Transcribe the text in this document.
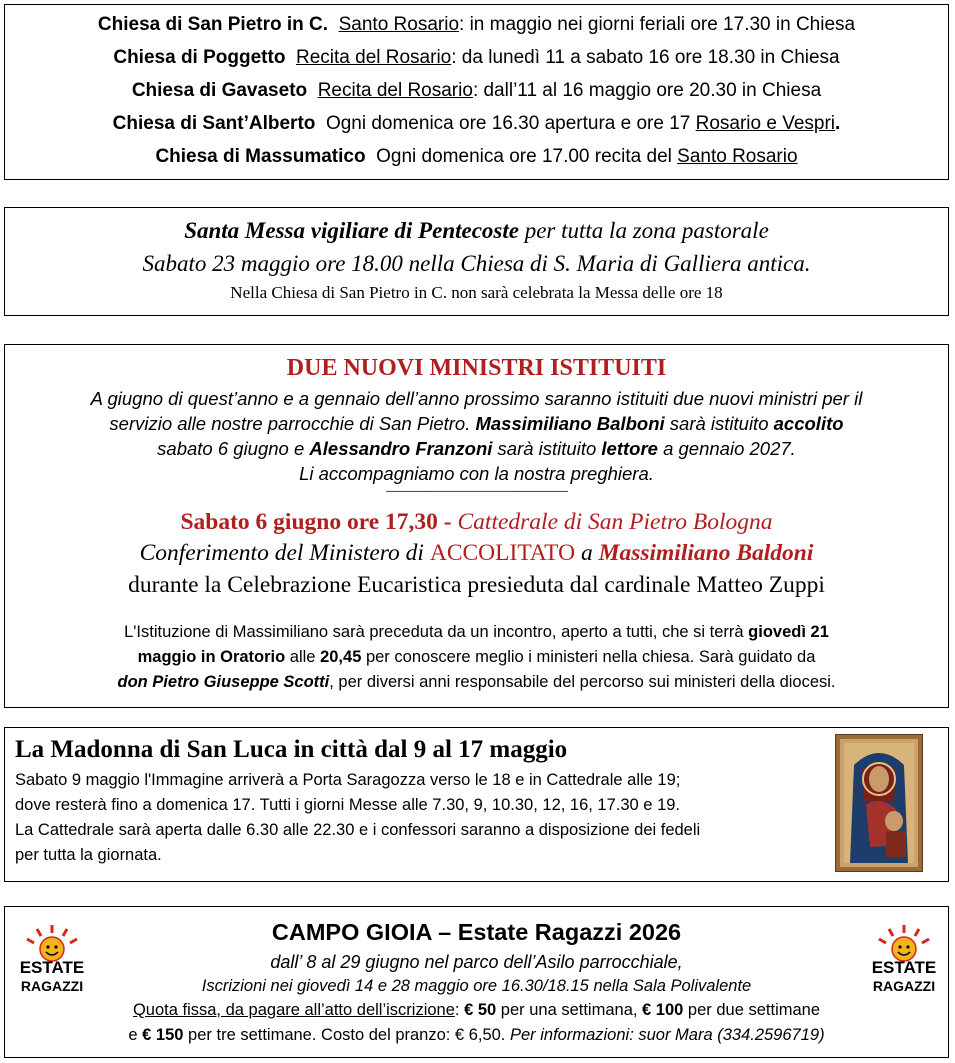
Chiesa di San Pietro in C. Santo Rosario: in maggio nei giorni feriali ore 17.30 in Chiesa
Chiesa di Poggetto Recita del Rosario: da lunedì 11 a sabato 16 ore 18.30 in Chiesa
Chiesa di Gavaseto Recita del Rosario: dall’11 al 16 maggio ore 20.30 in Chiesa
Chiesa di Sant’Alberto Ogni domenica ore 16.30 apertura e ore 17 Rosario e Vespri.
Chiesa di Massumatico Ogni domenica ore 17.00 recita del Santo Rosario
Santa Messa vigiliare di Pentecoste per tutta la zona pastorale
Sabato 23 maggio ore 18.00 nella Chiesa di S. Maria di Galliera antica.
Nella Chiesa di San Pietro in C. non sarà celebrata la Messa delle ore 18
DUE NUOVI MINISTRI ISTITUITI
A giugno di quest’anno e a gennaio dell’anno prossimo saranno istituiti due nuovi ministri per il
servizio alle nostre parrocchie di San Pietro. Massimiliano Balboni sarà istituito accolito
sabato 6 giugno e Alessandro Franzoni sarà istituito lettore a gennaio 2027.
Li accompagniamo con la nostra preghiera.
-------------------------------------------------------------------------------------------
Sabato 6 giugno ore 17,30 - Cattedrale di San Pietro Bologna
Conferimento del Ministero di ACCOLITATO a Massimiliano Baldoni
durante la Celebrazione Eucaristica presieduta dal cardinale Matteo Zuppi
L'Istituzione di Massimiliano sarà preceduta da un incontro, aperto a tutti, che si terrà giovedì 21
maggio in Oratorio alle 20,45 per conoscere meglio i ministeri nella chiesa. Sarà guidato da
don Pietro Giuseppe Scotti, per diversi anni responsabile del percorso sui ministeri della diocesi.
La Madonna di San Luca in città dal 9 al 17 maggio
Sabato 9 maggio l'Immagine arriverà a Porta Saragozza verso le 18 e in Cattedrale alle 19;
dove resterà fino a domenica 17. Tutti i giorni Messe alle 7.30, 9, 10.30, 12, 16, 17.30 e 19.
La Cattedrale sarà aperta dalle 6.30 alle 22.30 e i confessori saranno a disposizione dei fedeli
per tutta la giornata.
ESTATE
RAGAZZI
ESTATE
RAGAZZI
CAMPO GIOIA – Estate Ragazzi 2026
dall’ 8 al 29 giugno nel parco dell’Asilo parrocchiale,
Iscrizioni nei giovedì 14 e 28 maggio ore 16.30/18.15 nella Sala Polivalente
Quota fissa, da pagare all’atto dell’iscrizione: € 50 per una settimana, € 100 per due settimane
e € 150 per tre settimane. Costo del pranzo: € 6,50. Per informazioni: suor Mara (334.2596719)
